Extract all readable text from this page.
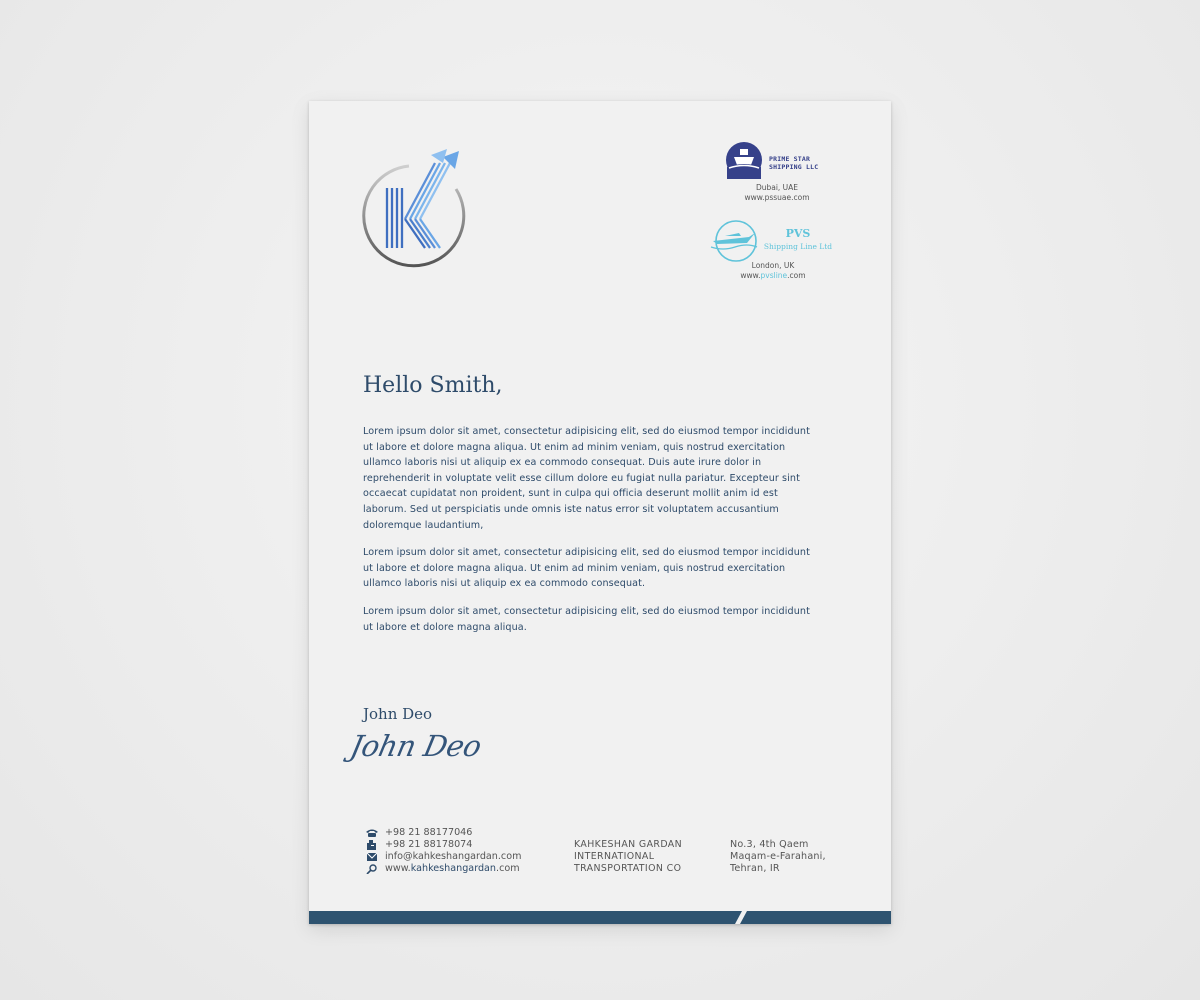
PRIME STAR
SHIPPING LLC
Dubai, UAE
www.pssuae.com
PVS
Shipping Line Ltd
London, UK
www.pvsline.com
Hello Smith,

Lorem ipsum dolor sit amet, consectetur adipisicing elit, sed do eiusmod tempor incididunt ut labore et dolore magna aliqua. Ut enim ad minim veniam, quis nostrud exercitation ullamco laboris nisi ut aliquip ex ea commodo consequat. Duis aute irure dolor in reprehenderit in voluptate velit esse cillum dolore eu fugiat nulla pariatur. Excepteur sint occaecat cupidatat non proident, sunt in culpa qui officia deserunt mollit anim id est laborum. Sed ut perspiciatis unde omnis iste natus error sit voluptatem accusantium doloremque laudantium,

Lorem ipsum dolor sit amet, consectetur adipisicing elit, sed do eiusmod tempor incididunt ut labore et dolore magna aliqua. Ut enim ad minim veniam, quis nostrud exercitation ullamco laboris nisi ut aliquip ex ea commodo consequat.

Lorem ipsum dolor sit amet, consectetur adipisicing elit, sed do eiusmod tempor incididunt ut labore et dolore magna aliqua.

John Deo
John Deo
+98 21 88177046
+98 21 88178074
info@kahkeshangardan.com
www.kahkeshangardan.com
KAHKESHAN GARDAN
INTERNATIONAL
TRANSPORTATION CO
No.3, 4th Qaem
Maqam-e-Farahani,
Tehran, IR
